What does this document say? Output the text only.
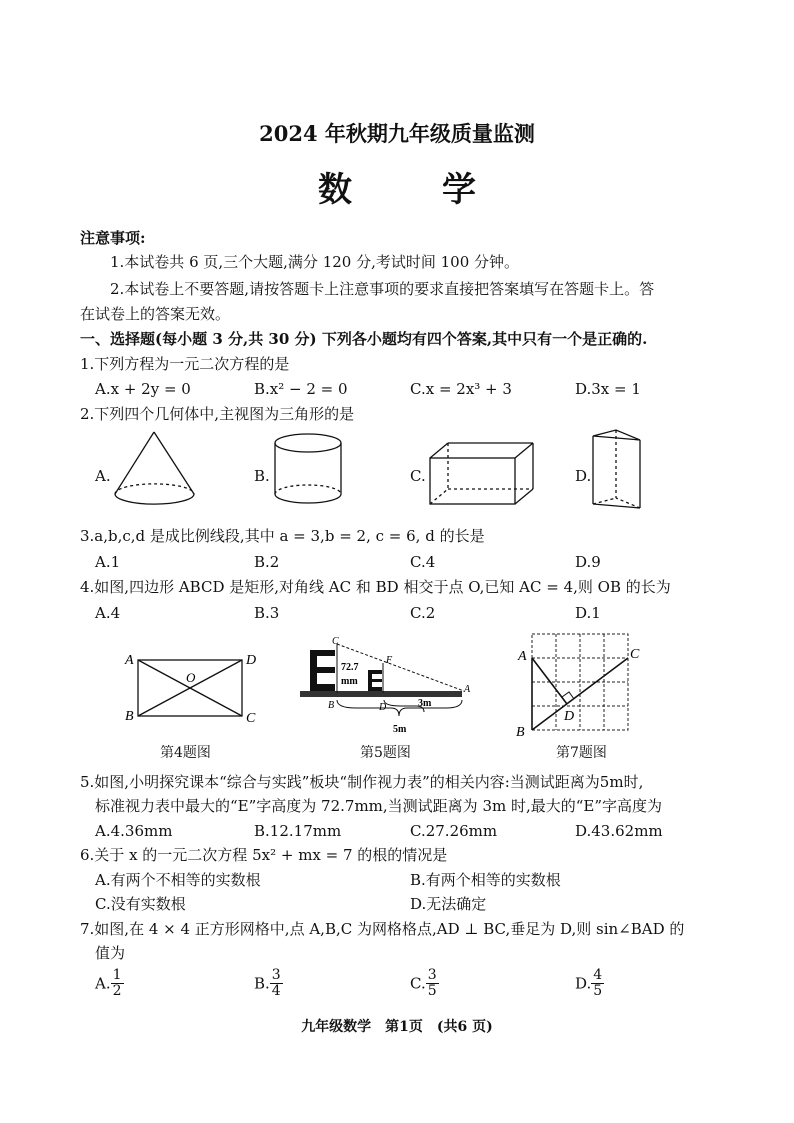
2024 年秋期九年级质量监测
数　学
注意事项:
1.本试卷共 6 页,三个大题,满分 120 分,考试时间 100 分钟。
2.本试卷上不要答题,请按答题卡上注意事项的要求直接把答案填写在答题卡上。答
在试卷上的答案无效。
一、选择题(每小题 3 分,共 30 分) 下列各小题均有四个答案,其中只有一个是正确的.
1.下列方程为一元二次方程的是
A.x + 2y = 0	B.x² − 2 = 0	C.x = 2x³ + 3	D.3x = 1
2.下列四个几何体中,主视图为三角形的是
A.	B.	C.	D.
3.a,b,c,d 是成比例线段,其中 a = 3,b = 2, c = 6, d 的长是
A.1	B.2	C.4	D.9
4.如图,四边形 ABCD 是矩形,对角线 AC 和 BD 相交于点 O,已知 AC = 4,则 OB 的长为
A.4	B.3	C.2	D.1
A	D
O
B	C
第4题图
C
F
A
B	D
72.7
mm
3m
5m
第5题图
A	C
D
B
第7题图
5.如图,小明探究课本“综合与实践”板块“制作视力表”的相关内容:当测试距离为5m时,
标准视力表中最大的“E”字高度为 72.7mm,当测试距离为 3m 时,最大的“E”字高度为
A.4.36mm	B.12.17mm	C.27.26mm	D.43.62mm
6.关于 x 的一元二次方程 5x² + mx = 7 的根的情况是
A.有两个不相等的实数根	B.有两个相等的实数根
C.没有实数根	D.无法确定
7.如图,在 4 × 4 正方形网格中,点 A,B,C 为网格格点,AD ⊥ BC,垂足为 D,则 sin∠BAD 的
值为
A. $\frac{1}{2}$	B. $\frac{3}{4}$	C. $\frac{3}{5}$	D. $\frac{4}{5}$
九年级数学　第1页　(共6 页)
